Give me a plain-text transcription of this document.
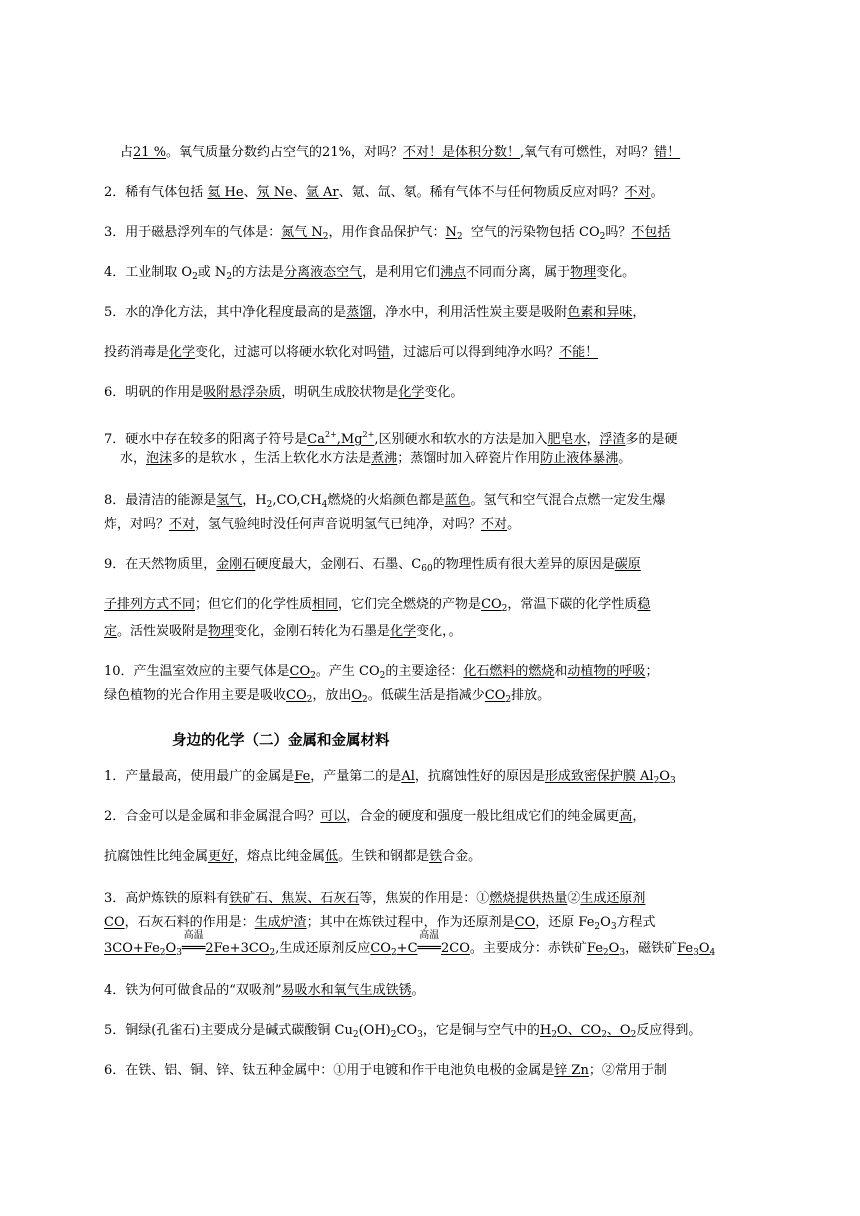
占21 %。氧气质量分数约占空气的21%，对吗？不对！是体积分数！,氧气有可燃性，对吗？错！
2．稀有气体包括 氦 He、氖 Ne、氩 Ar、氪、氙、氡。稀有气体不与任何物质反应对吗？不对。
3．用于磁悬浮列车的气体是：氮气 $N_2$，用作食品保护气：$N_2$ 空气的污染物包括 $CO_2$吗？不包括
4．工业制取 $O_2$或 $N_2$的方法是分离液态空气，是利用它们沸点不同而分离，属于物理变化。
5．水的净化方法，其中净化程度最高的是蒸馏，净水中，利用活性炭主要是吸附色素和异味，
投药消毒是化学变化，过滤可以将硬水软化对吗错，过滤后可以得到纯净水吗？不能！
6．明矾的作用是吸附悬浮杂质，明矾生成胶状物是化学变化。
7．硬水中存在较多的阳离子符号是$Ca^{2+},Mg^{2+}$,区别硬水和软水的方法是加入肥皂水，浮渣多的是硬
水，泡沫多的是软水 ，生活上软化水方法是煮沸；蒸馏时加入碎瓷片作用防止液体暴沸。
8．最清洁的能源是氢气，$H_2,CO,CH_4$燃烧的火焰颜色都是蓝色。氢气和空气混合点燃一定发生爆
炸，对吗？不对，氢气验纯时没任何声音说明氢气已纯净，对吗？不对。
9．在天然物质里，金刚石硬度最大，金刚石、石墨、$C_{60}$的物理性质有很大差异的原因是碳原
子排列方式不同；但它们的化学性质相同，它们完全燃烧的产物是$CO_2$，常温下碳的化学性质稳
定。活性炭吸附是物理变化，金刚石转化为石墨是化学变化，。
10．产生温室效应的主要气体是$CO_2$。产生 $CO_2$的主要途径：化石燃料的燃烧和动植物的呼吸；
绿色植物的光合作用主要是吸收$CO_2$，放出$O_2$。低碳生活是指减少$CO_2$排放。
身边的化学（二）金属和金属材料
1．产量最高，使用最广的金属是Fe，产量第二的是Al，抗腐蚀性好的原因是形成致密保护膜 $Al_2O_3$
2．合金可以是金属和非金属混合吗？可以，合金的硬度和强度一般比组成它们的纯金属更高，
抗腐蚀性比纯金属更好，熔点比纯金属低。生铁和钢都是铁合金。
3．高炉炼铁的原料有铁矿石、焦炭、石灰石等，焦炭的作用是：①燃烧提供热量②生成还原剂
CO，石灰石料的作用是：生成炉渣；其中在炼铁过程中，作为还原剂是CO，还原 $Fe_2O_3$方程式
$3CO+Fe_2O_3$
高温
$═══2Fe+3CO_2$,生成还原剂反应$CO_2+C$
高温
═══2CO。主要成分：赤铁矿$Fe_2O_3$，磁铁矿$Fe_3O_4$
4．铁为何可做食品的“双吸剂”易吸水和氧气生成铁锈。
5．铜绿(孔雀石)主要成分是碱式碳酸铜 $Cu_2(OH)_2CO_3$，它是铜与空气中的$H_2O$、$CO_2$、$O_2$反应得到。
6．在铁、铝、铜、锌、钛五种金属中：①用于电镀和作干电池负电极的金属是锌 Zn；②常用于制
